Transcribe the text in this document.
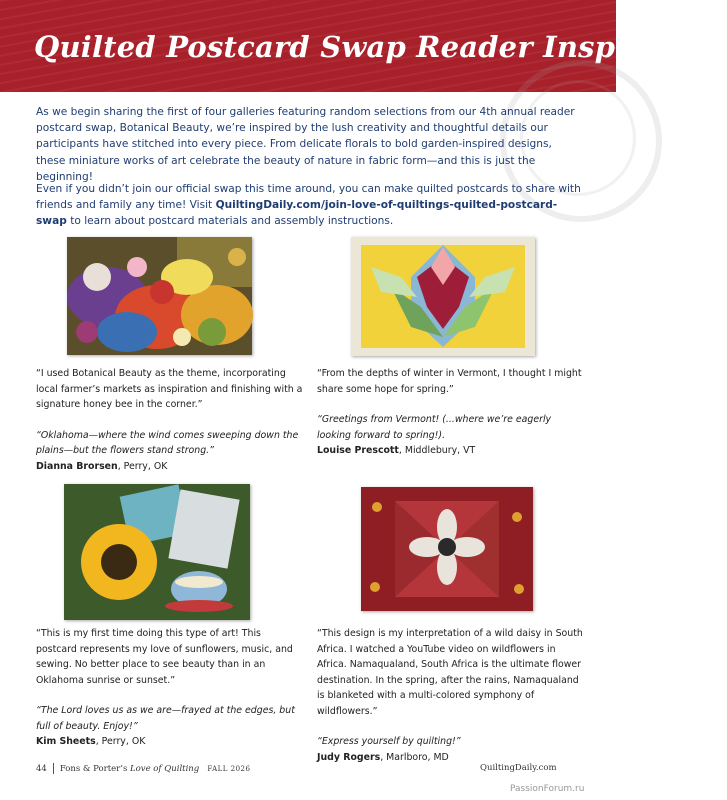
Quilted Postcard Swap Reader Inspiration
As we begin sharing the first of four galleries featuring random selections from our 4th annual reader postcard swap, Botanical Beauty, we’re inspired by the lush creativity and thoughtful details our participants have stitched into every piece. From delicate florals to bold garden-inspired designs, these miniature works of art celebrate the beauty of nature in fabric form—and this is just the beginning!
Even if you didn’t join our official swap this time around, you can make quilted postcards to share with friends and family any time! Visit QuiltingDaily.com/join-love-of-quiltings-quilted-postcard-swap to learn about postcard materials and assembly instructions.

“I used Botanical Beauty as the theme, incorporating local farmer’s markets as inspiration and finishing with a signature honey bee in the corner.”

“Oklahoma—where the wind comes sweeping down the plains—but the flowers stand strong.”

Dianna Brorsen, Perry, OK

“From the depths of winter in Vermont, I thought I might share some hope for spring.”

“Greetings from Vermont! (...where we’re eagerly looking forward to spring!).

Louise Prescott, Middlebury, VT

“This is my first time doing this type of art! This postcard represents my love of sunflowers, music, and sewing. No better place to see beauty than in an Oklahoma sunrise or sunset.”

“The Lord loves us as we are—frayed at the edges, but full of beauty. Enjoy!”

Kim Sheets, Perry, OK

“This design is my interpretation of a wild daisy in South Africa. I watched a YouTube video on wildflowers in Africa. Namaqualand, South Africa is the ultimate flower destination. In the spring, after the rains, Namaqualand is blanketed with a multi-colored symphony of wildflowers.”

“Express yourself by quilting!”

Judy Rogers, Marlboro, MD

44 Fons & Porter’s Love of Quilting FALL 2026	QuiltingDaily.com
PassionForum.ru
